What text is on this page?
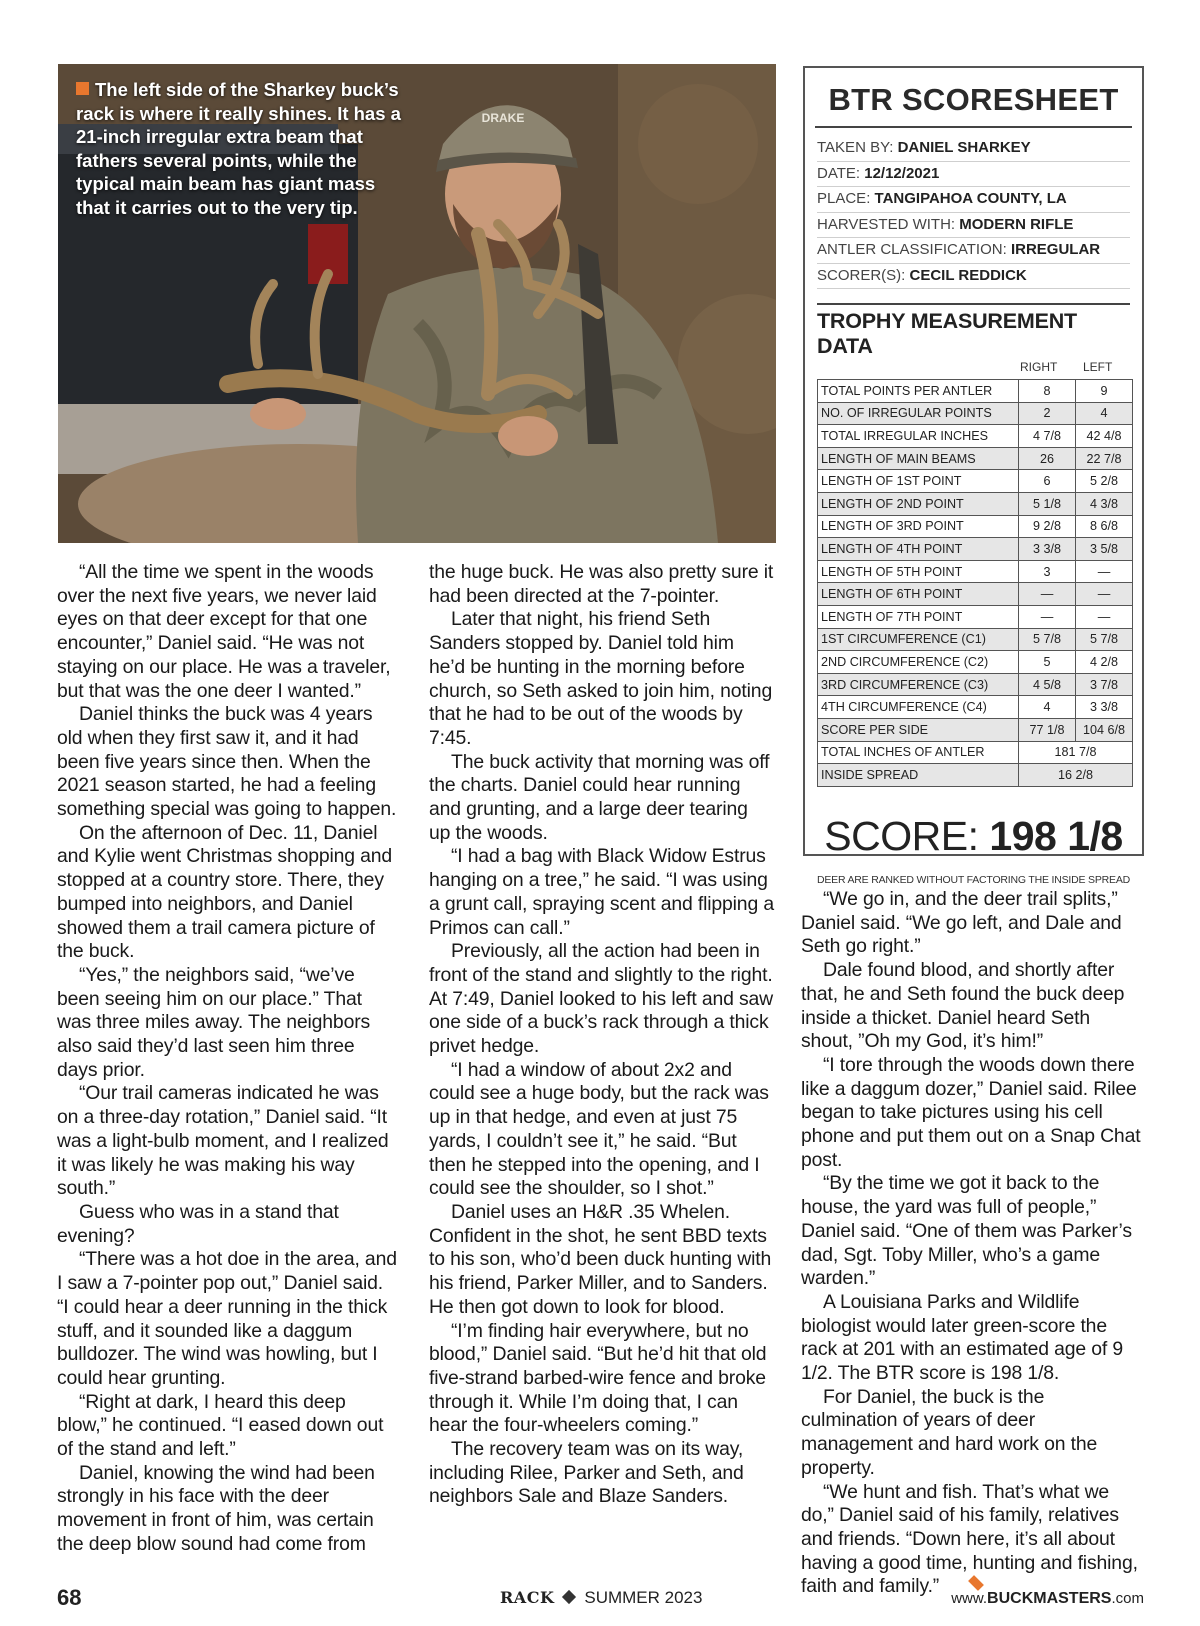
DRAKE
The left side of the Sharkey buck’s rack is where it really shines. It has a 21-inch irregular extra beam that fathers several points, while the typical main beam has giant mass that it carries out to the very tip.
BTR SCORESHEET
TAKEN BY: DANIEL SHARKEY
DATE: 12/12/2021
PLACE: TANGIPAHOA COUNTY, LA
HARVESTED WITH: MODERN RIFLE
ANTLER CLASSIFICATION: IRREGULAR
SCORER(S): CECIL REDDICK
TROPHY MEASUREMENT DATA
RIGHT LEFT
TOTAL POINTS PER ANTLER	8	9
NO. OF IRREGULAR POINTS	2	4
TOTAL IRREGULAR INCHES	4 7/8	42 4/8
LENGTH OF MAIN BEAMS	26	22 7/8
LENGTH OF 1ST POINT	6	5 2/8
LENGTH OF 2ND POINT	5 1/8	4 3/8
LENGTH OF 3RD POINT	9 2/8	8 6/8
LENGTH OF 4TH POINT	3 3/8	3 5/8
LENGTH OF 5TH POINT	3	—
LENGTH OF 6TH POINT	—	—
LENGTH OF 7TH POINT	—	—
1ST CIRCUMFERENCE (C1)	5 7/8	5 7/8
2ND CIRCUMFERENCE (C2)	5	4 2/8
3RD CIRCUMFERENCE (C3)	4 5/8	3 7/8
4TH CIRCUMFERENCE (C4)	4	3 3/8
SCORE PER SIDE	77 1/8	104 6/8
TOTAL INCHES OF ANTLER	181 7/8	
INSIDE SPREAD	16 2/8	
SCORE: 198 1/8
DEER ARE RANKED WITHOUT FACTORING THE INSIDE SPREAD

“All the time we spent in the woods over the next five years, we never laid eyes on that deer except for that one encounter,” Daniel said. “He was not staying on our place. He was a traveler, but that was the one deer I wanted.”

Daniel thinks the buck was 4 years old when they first saw it, and it had been five years since then. When the 2021 season started, he had a feeling something special was going to happen.

On the afternoon of Dec. 11, Daniel and Kylie went Christmas shopping and stopped at a country store. There, they bumped into neighbors, and Daniel showed them a trail camera picture of the buck.

“Yes,” the neighbors said, “we’ve been seeing him on our place.” That was three miles away. The neighbors also said they’d last seen him three days prior.

“Our trail cameras indicated he was on a three-day rotation,” Daniel said. “It was a light-bulb moment, and I realized it was likely he was making his way south.”

Guess who was in a stand that evening?

“There was a hot doe in the area, and I saw a 7-pointer pop out,” Daniel said. “I could hear a deer running in the thick stuff, and it sounded like a daggum bulldozer. The wind was howling, but I could hear grunting.

“Right at dark, I heard this deep blow,” he continued. “I eased down out of the stand and left.”

Daniel, knowing the wind had been strongly in his face with the deer movement in front of him, was certain the deep blow sound had come from

the huge buck. He was also pretty sure it had been directed at the 7-pointer.

Later that night, his friend Seth Sanders stopped by. Daniel told him he’d be hunting in the morning before church, so Seth asked to join him, noting that he had to be out of the woods by 7:45.

The buck activity that morning was off the charts. Daniel could hear running and grunting, and a large deer tearing up the woods.

“I had a bag with Black Widow Estrus hanging on a tree,” he said. “I was using a grunt call, spraying scent and flipping a Primos can call.”

Previously, all the action had been in front of the stand and slightly to the right. At 7:49, Daniel looked to his left and saw one side of a buck’s rack through a thick privet hedge.

“I had a window of about 2x2 and could see a huge body, but the rack was up in that hedge, and even at just 75 yards, I couldn’t see it,” he said. “But then he stepped into the opening, and I could see the shoulder, so I shot.”

Daniel uses an H&R .35 Whelen. Confident in the shot, he sent BBD texts to his son, who’d been duck hunting with his friend, Parker Miller, and to Sanders. He then got down to look for blood.

“I’m finding hair everywhere, but no blood,” Daniel said. “But he’d hit that old five-strand barbed-wire fence and broke through it. While I’m doing that, I can hear the four-wheelers coming.”

The recovery team was on its way, including Rilee, Parker and Seth, and neighbors Sale and Blaze Sanders.

“We go in, and the deer trail splits,” Daniel said. “We go left, and Dale and Seth go right.”

Dale found blood, and shortly after that, he and Seth found the buck deep inside a thicket. Daniel heard Seth shout, ”Oh my God, it’s him!”

“I tore through the woods down there like a daggum dozer,” Daniel said. Rilee began to take pictures using his cell phone and put them out on a Snap Chat post.

“By the time we got it back to the house, the yard was full of people,” Daniel said. “One of them was Parker’s dad, Sgt. Toby Miller, who’s a game warden.”

A Louisiana Parks and Wildlife biologist would later green-score the rack at 201 with an estimated age of 9 1/2. The BTR score is 198 1/8.

For Daniel, the buck is the culmination of years of deer management and hard work on the property.

“We hunt and fish. That’s what we do,” Daniel said of his family, relatives and friends. “Down here, it’s all about having a good time, hunting and fishing, faith and family.”

68	RACK SUMMER 2023	www.BUCKMASTERS.com
